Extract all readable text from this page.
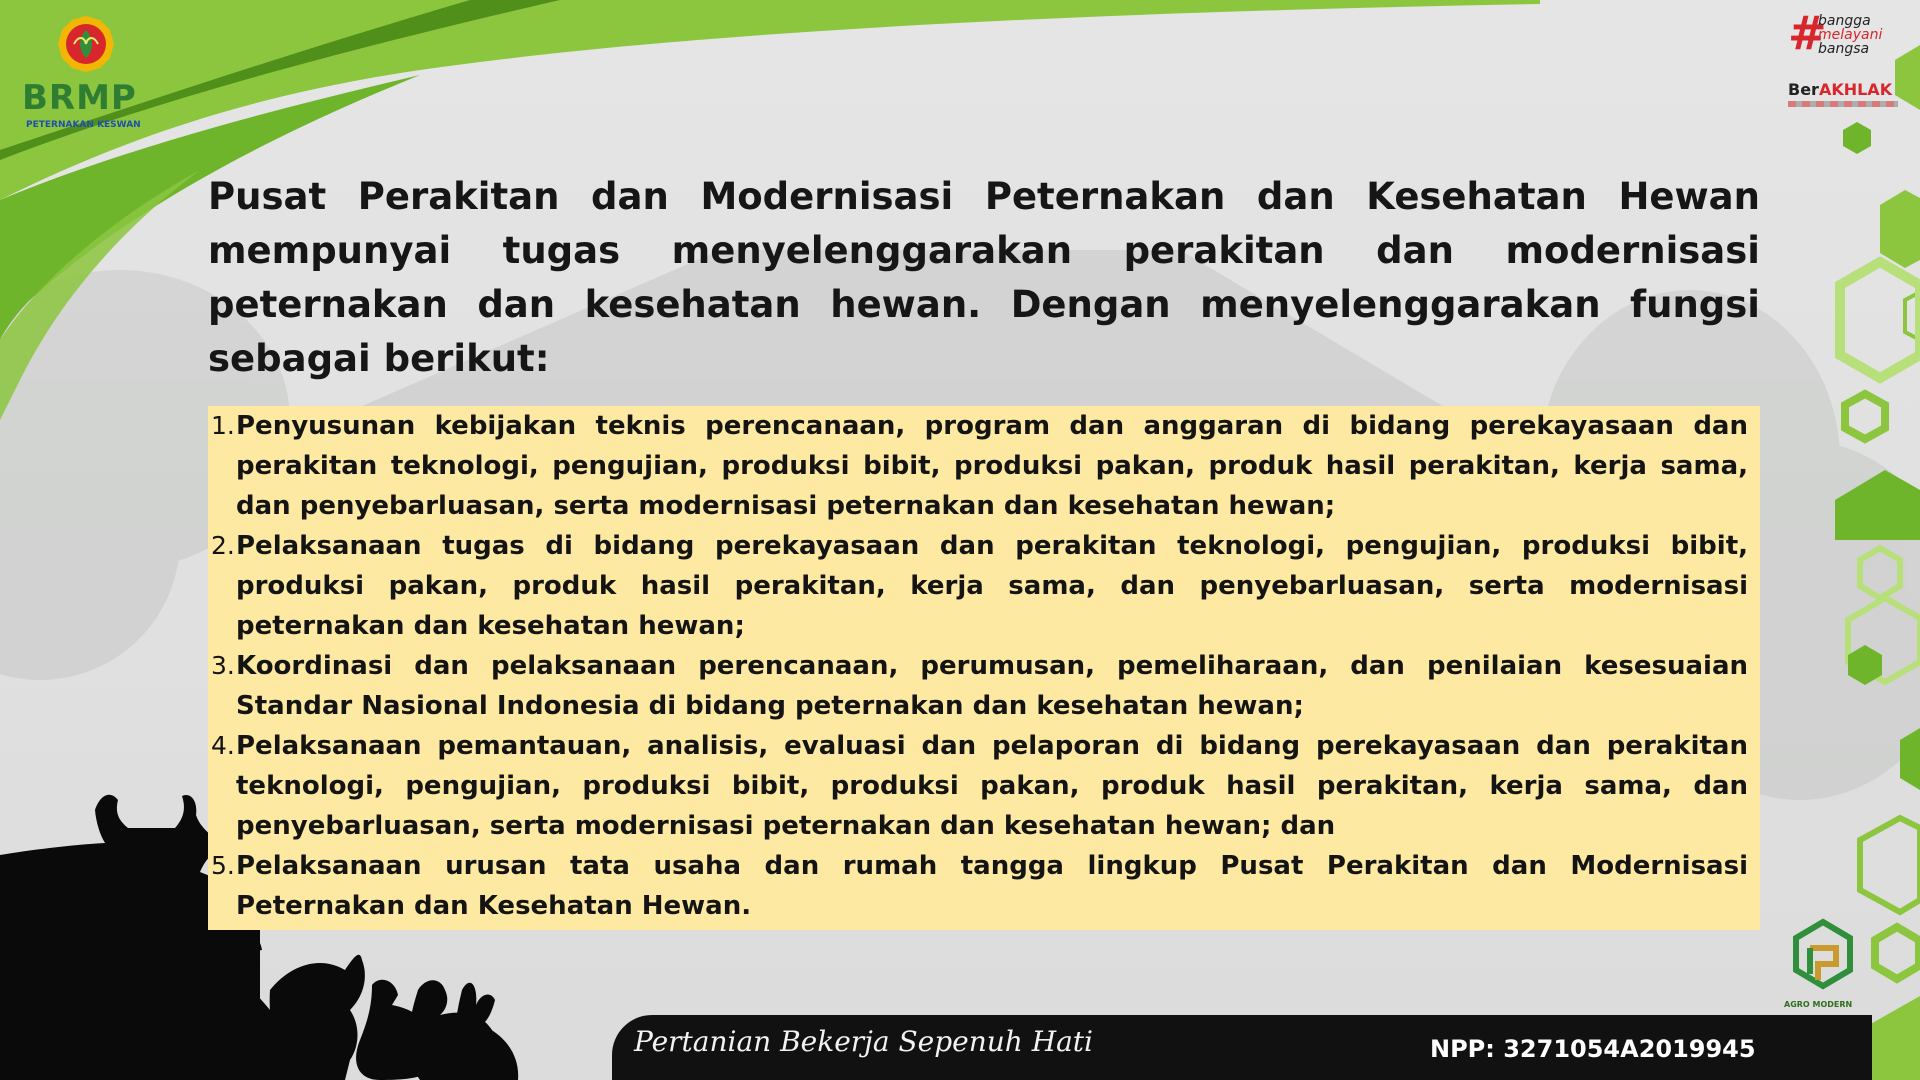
BRMP
PETERNAKAN KESWAN
#
bangga
melayani
bangsa
BerAKHLAK
Pusat Perakitan dan Modernisasi Peternakan dan Kesehatan Hewan mempunyai tugas menyelenggarakan perakitan dan modernisasi peternakan dan kesehatan hewan. Dengan menyelenggarakan fungsi sebagai berikut:
1. Penyusunan kebijakan teknis perencanaan, program dan anggaran di bidang perekayasaan dan perakitan teknologi, pengujian, produksi bibit, produksi pakan, produk hasil perakitan, kerja sama, dan penyebarluasan, serta modernisasi peternakan dan kesehatan hewan;
2. Pelaksanaan tugas di bidang perekayasaan dan perakitan teknologi, pengujian, produksi bibit, produksi pakan, produk hasil perakitan, kerja sama, dan penyebarluasan, serta modernisasi peternakan dan kesehatan hewan;
3. Koordinasi dan pelaksanaan perencanaan, perumusan, pemeliharaan, dan penilaian kesesuaian Standar Nasional Indonesia di bidang peternakan dan kesehatan hewan;
4. Pelaksanaan pemantauan, analisis, evaluasi dan pelaporan di bidang perekayasaan dan perakitan teknologi, pengujian, produksi bibit, produksi pakan, produk hasil perakitan, kerja sama, dan penyebarluasan, serta modernisasi peternakan dan kesehatan hewan; dan
5. Pelaksanaan urusan tata usaha dan rumah tangga lingkup Pusat Perakitan dan Modernisasi Peternakan dan Kesehatan Hewan.
AGRO MODERN
Pertanian Bekerja Sepenuh Hati	NPP: 3271054A2019945
